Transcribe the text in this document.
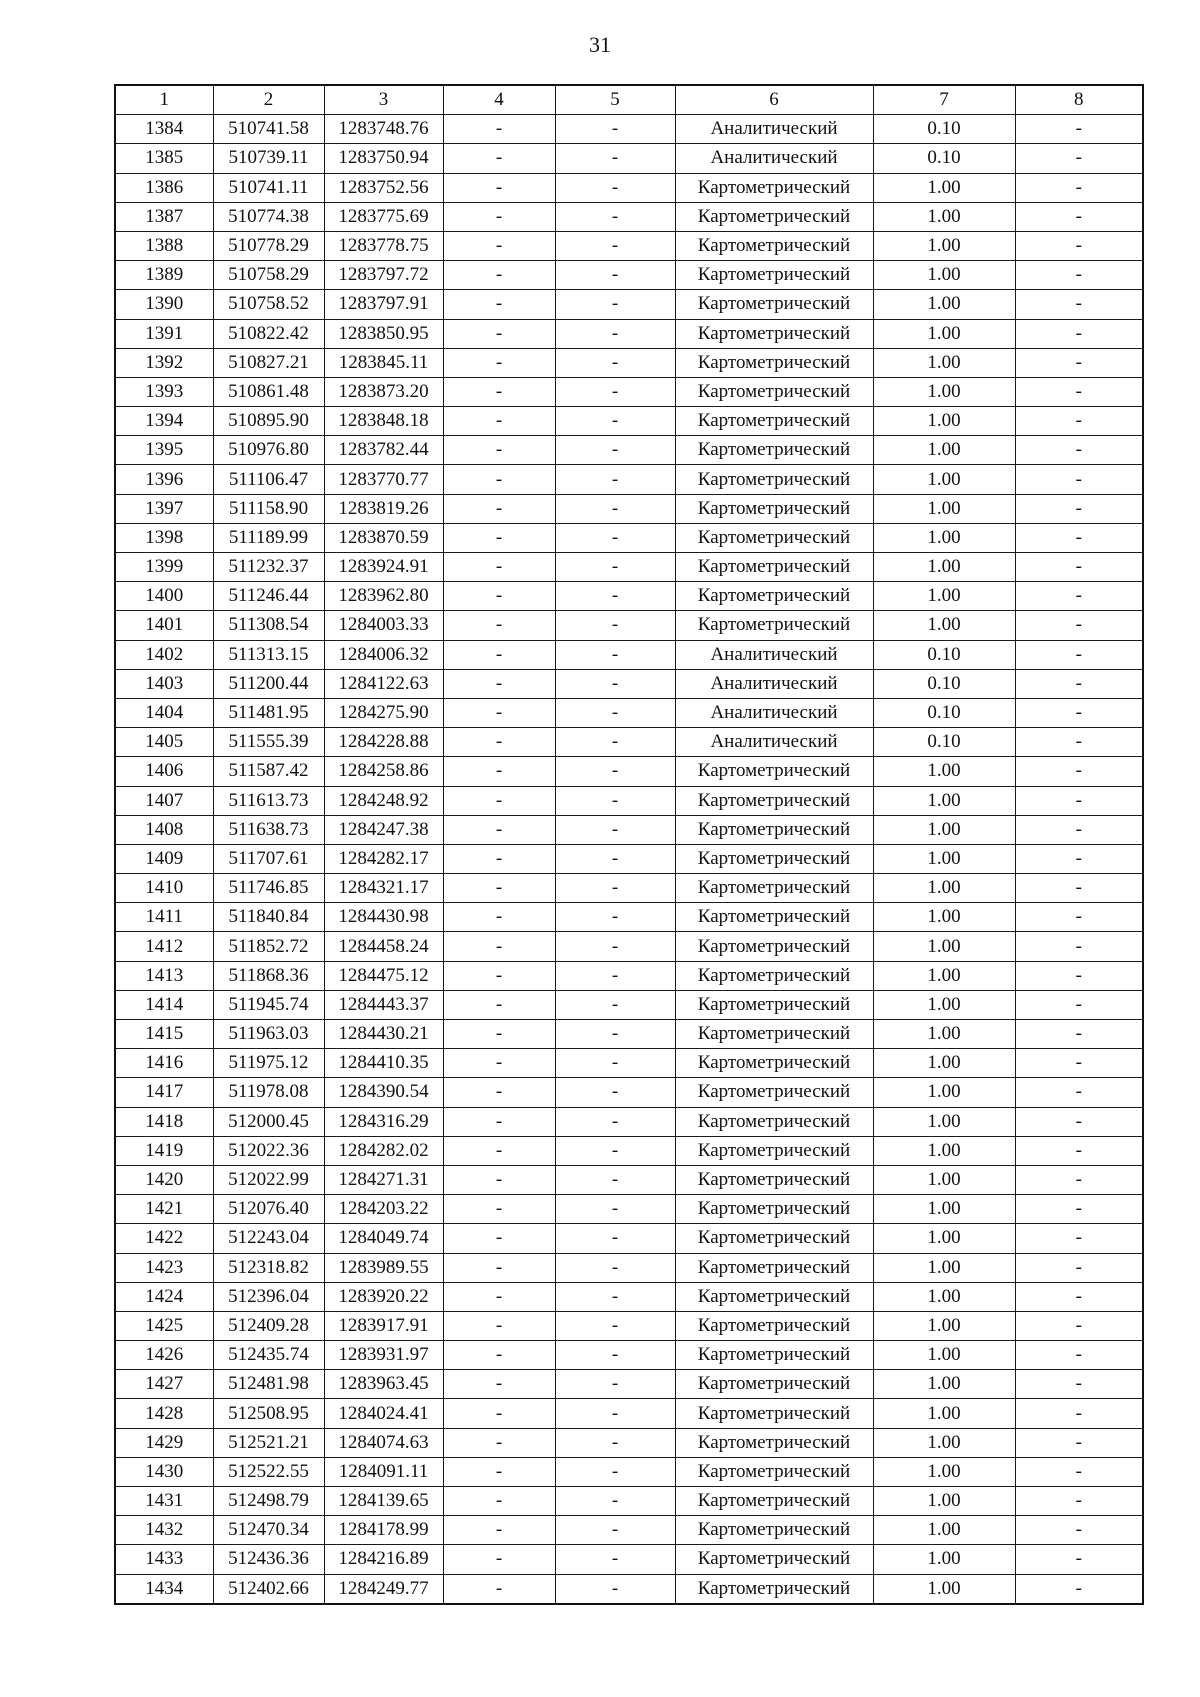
31
1	2	3	4	5	6	7	8
1384	510741.58	1283748.76	-	-	Аналитический	0.10	-
1385	510739.11	1283750.94	-	-	Аналитический	0.10	-
1386	510741.11	1283752.56	-	-	Картометрический	1.00	-
1387	510774.38	1283775.69	-	-	Картометрический	1.00	-
1388	510778.29	1283778.75	-	-	Картометрический	1.00	-
1389	510758.29	1283797.72	-	-	Картометрический	1.00	-
1390	510758.52	1283797.91	-	-	Картометрический	1.00	-
1391	510822.42	1283850.95	-	-	Картометрический	1.00	-
1392	510827.21	1283845.11	-	-	Картометрический	1.00	-
1393	510861.48	1283873.20	-	-	Картометрический	1.00	-
1394	510895.90	1283848.18	-	-	Картометрический	1.00	-
1395	510976.80	1283782.44	-	-	Картометрический	1.00	-
1396	511106.47	1283770.77	-	-	Картометрический	1.00	-
1397	511158.90	1283819.26	-	-	Картометрический	1.00	-
1398	511189.99	1283870.59	-	-	Картометрический	1.00	-
1399	511232.37	1283924.91	-	-	Картометрический	1.00	-
1400	511246.44	1283962.80	-	-	Картометрический	1.00	-
1401	511308.54	1284003.33	-	-	Картометрический	1.00	-
1402	511313.15	1284006.32	-	-	Аналитический	0.10	-
1403	511200.44	1284122.63	-	-	Аналитический	0.10	-
1404	511481.95	1284275.90	-	-	Аналитический	0.10	-
1405	511555.39	1284228.88	-	-	Аналитический	0.10	-
1406	511587.42	1284258.86	-	-	Картометрический	1.00	-
1407	511613.73	1284248.92	-	-	Картометрический	1.00	-
1408	511638.73	1284247.38	-	-	Картометрический	1.00	-
1409	511707.61	1284282.17	-	-	Картометрический	1.00	-
1410	511746.85	1284321.17	-	-	Картометрический	1.00	-
1411	511840.84	1284430.98	-	-	Картометрический	1.00	-
1412	511852.72	1284458.24	-	-	Картометрический	1.00	-
1413	511868.36	1284475.12	-	-	Картометрический	1.00	-
1414	511945.74	1284443.37	-	-	Картометрический	1.00	-
1415	511963.03	1284430.21	-	-	Картометрический	1.00	-
1416	511975.12	1284410.35	-	-	Картометрический	1.00	-
1417	511978.08	1284390.54	-	-	Картометрический	1.00	-
1418	512000.45	1284316.29	-	-	Картометрический	1.00	-
1419	512022.36	1284282.02	-	-	Картометрический	1.00	-
1420	512022.99	1284271.31	-	-	Картометрический	1.00	-
1421	512076.40	1284203.22	-	-	Картометрический	1.00	-
1422	512243.04	1284049.74	-	-	Картометрический	1.00	-
1423	512318.82	1283989.55	-	-	Картометрический	1.00	-
1424	512396.04	1283920.22	-	-	Картометрический	1.00	-
1425	512409.28	1283917.91	-	-	Картометрический	1.00	-
1426	512435.74	1283931.97	-	-	Картометрический	1.00	-
1427	512481.98	1283963.45	-	-	Картометрический	1.00	-
1428	512508.95	1284024.41	-	-	Картометрический	1.00	-
1429	512521.21	1284074.63	-	-	Картометрический	1.00	-
1430	512522.55	1284091.11	-	-	Картометрический	1.00	-
1431	512498.79	1284139.65	-	-	Картометрический	1.00	-
1432	512470.34	1284178.99	-	-	Картометрический	1.00	-
1433	512436.36	1284216.89	-	-	Картометрический	1.00	-
1434	512402.66	1284249.77	-	-	Картометрический	1.00	-
